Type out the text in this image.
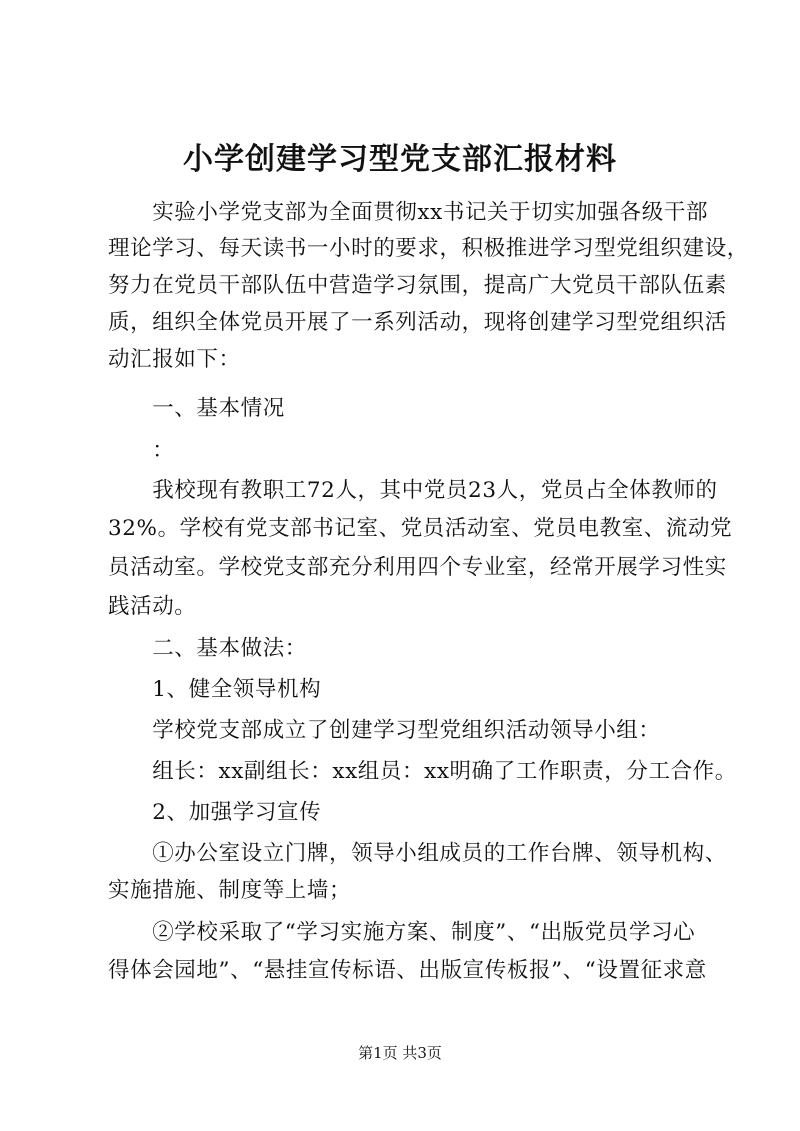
小学创建学习型党支部汇报材料
　　实验小学党支部为全面贯彻xx书记关于切实加强各级干部
理论学习、每天读书一小时的要求，积极推进学习型党组织建设，
努力在党员干部队伍中营造学习氛围，提高广大党员干部队伍素
质，组织全体党员开展了一系列活动，现将创建学习型党组织活
动汇报如下：
　　一、基本情况
　　：
　　我校现有教职工72人，其中党员23人，党员占全体教师的
32%。学校有党支部书记室、党员活动室、党员电教室、流动党
员活动室。学校党支部充分利用四个专业室，经常开展学习性实
践活动。
　　二、基本做法：
　　1、健全领导机构
　　学校党支部成立了创建学习型党组织活动领导小组：
　　组长：xx副组长：xx组员：xx明确了工作职责，分工合作。
　　2、加强学习宣传
　　①办公室设立门牌，领导小组成员的工作台牌、领导机构、
实施措施、制度等上墙；
　　②学校采取了“学习实施方案、制度”、“出版党员学习心
得体会园地”、“悬挂宣传标语、出版宣传板报”、“设置征求意
第1页 共3页
